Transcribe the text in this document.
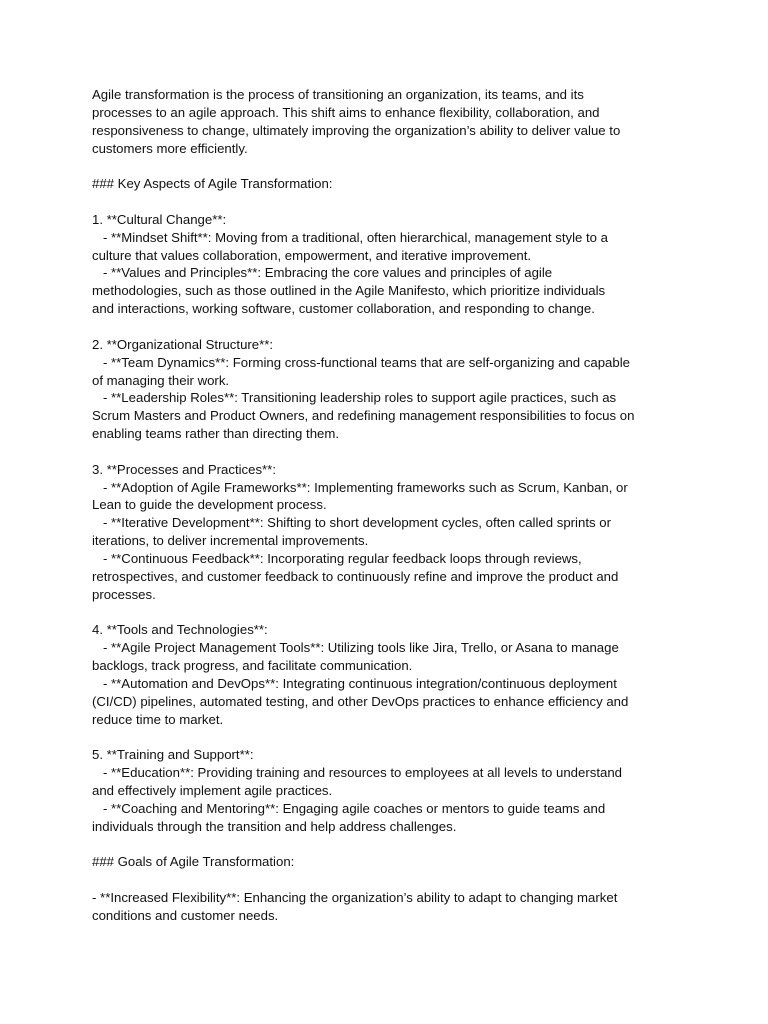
Agile transformation is the process of transitioning an organization, its teams, and its
processes to an agile approach. This shift aims to enhance flexibility, collaboration, and
responsiveness to change, ultimately improving the organization’s ability to deliver value to
customers more efficiently.
### Key Aspects of Agile Transformation:
1. **Cultural Change**:
- **Mindset Shift**: Moving from a traditional, often hierarchical, management style to a
culture that values collaboration, empowerment, and iterative improvement.
- **Values and Principles**: Embracing the core values and principles of agile
methodologies, such as those outlined in the Agile Manifesto, which prioritize individuals
and interactions, working software, customer collaboration, and responding to change.
2. **Organizational Structure**:
- **Team Dynamics**: Forming cross-functional teams that are self-organizing and capable
of managing their work.
- **Leadership Roles**: Transitioning leadership roles to support agile practices, such as
Scrum Masters and Product Owners, and redefining management responsibilities to focus on
enabling teams rather than directing them.
3. **Processes and Practices**:
- **Adoption of Agile Frameworks**: Implementing frameworks such as Scrum, Kanban, or
Lean to guide the development process.
- **Iterative Development**: Shifting to short development cycles, often called sprints or
iterations, to deliver incremental improvements.
- **Continuous Feedback**: Incorporating regular feedback loops through reviews,
retrospectives, and customer feedback to continuously refine and improve the product and
processes.
4. **Tools and Technologies**:
- **Agile Project Management Tools**: Utilizing tools like Jira, Trello, or Asana to manage
backlogs, track progress, and facilitate communication.
- **Automation and DevOps**: Integrating continuous integration/continuous deployment
(CI/CD) pipelines, automated testing, and other DevOps practices to enhance efficiency and
reduce time to market.
5. **Training and Support**:
- **Education**: Providing training and resources to employees at all levels to understand
and effectively implement agile practices.
- **Coaching and Mentoring**: Engaging agile coaches or mentors to guide teams and
individuals through the transition and help address challenges.
### Goals of Agile Transformation:
- **Increased Flexibility**: Enhancing the organization’s ability to adapt to changing market
conditions and customer needs.
